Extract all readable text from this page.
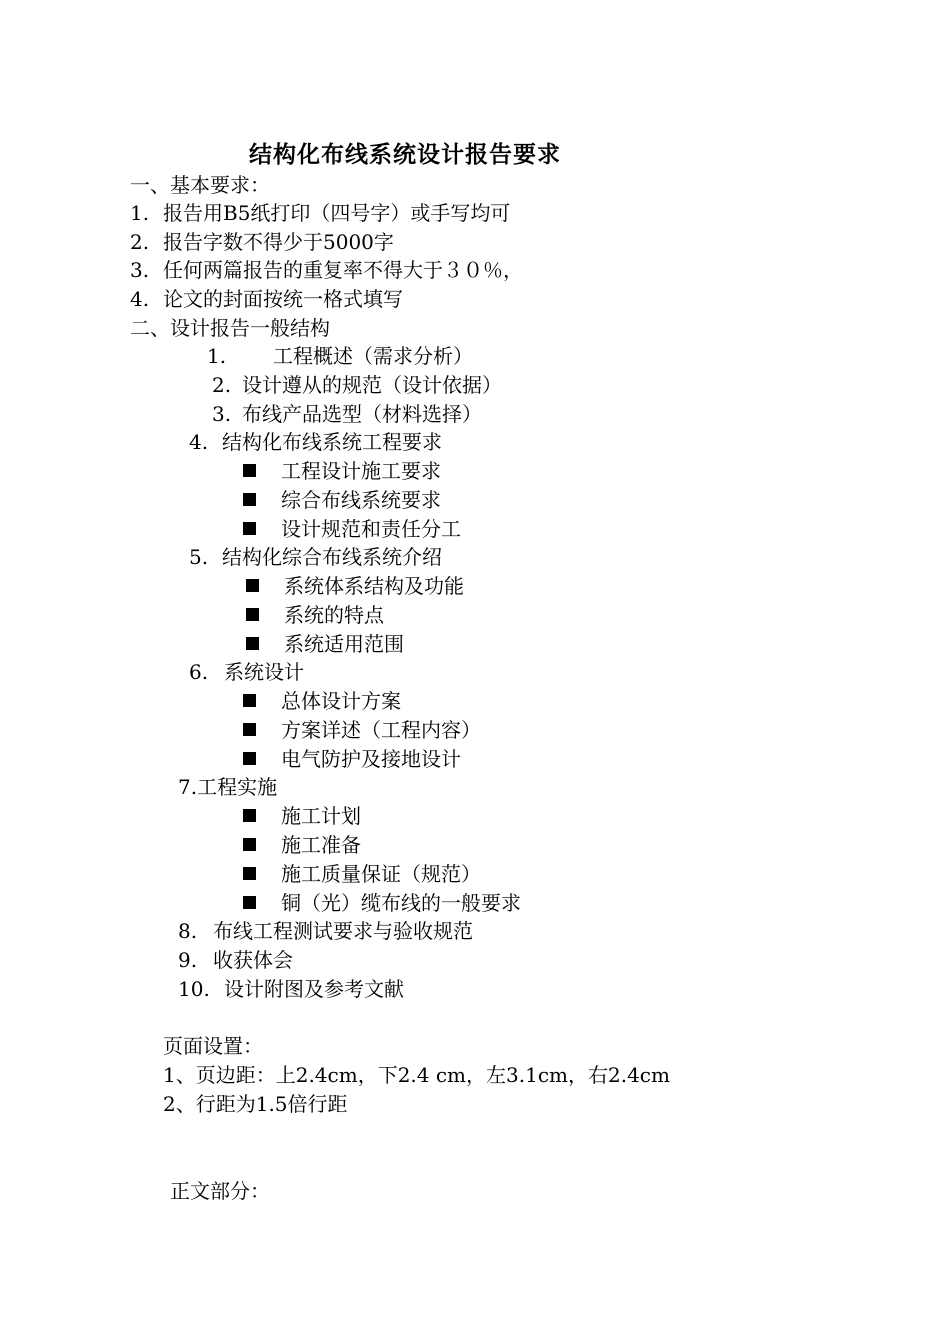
结构化布线系统设计报告要求
一、基本要求：
1. 报告用B5纸打印（四号字）或手写均可
2. 报告字数不得少于5000字
3. 任何两篇报告的重复率不得大于３０％，
4. 论文的封面按统一格式填写
二、设计报告一般结构
1. 工程概述（需求分析）
2. 设计遵从的规范（设计依据）
3. 布线产品选型（材料选择）
4. 结构化布线系统工程要求
工程设计施工要求
综合布线系统要求
设计规范和责任分工
5. 结构化综合布线系统介绍
系统体系结构及功能
系统的特点
系统适用范围
6. 系统设计
总体设计方案
方案详述（工程内容）
电气防护及接地设计
7.工程实施
施工计划
施工准备
施工质量保证（规范）
铜（光）缆布线的一般要求
8. 布线工程测试要求与验收规范
9. 收获体会
10. 设计附图及参考文献
页面设置：
1、页边距：上2.4cm，下2.4 cm，左3.1cm，右2.4cm
2、行距为1.5倍行距
正文部分：
